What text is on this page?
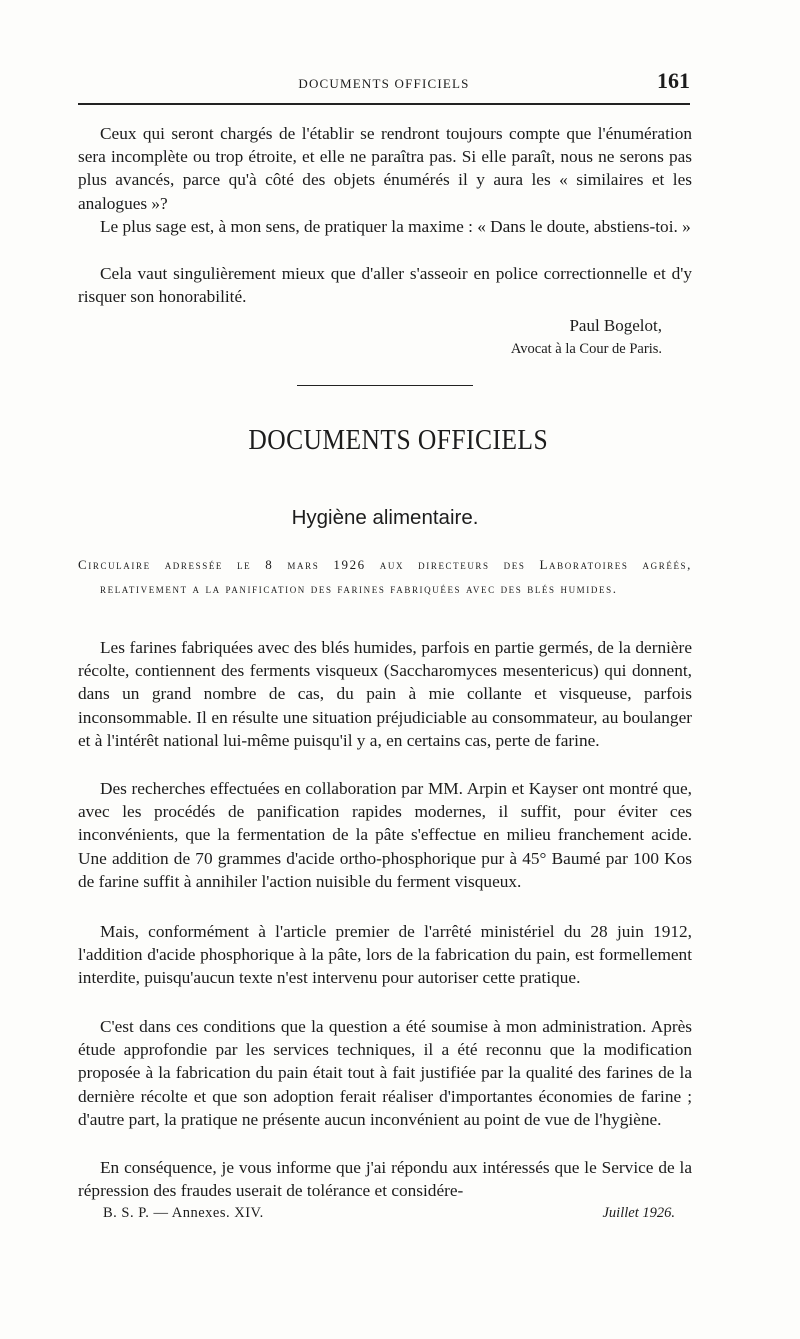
DOCUMENTS OFFICIELS	161

Ceux qui seront chargés de l'établir se rendront toujours compte que l'énumération sera incomplète ou trop étroite, et elle ne paraîtra pas. Si elle paraît, nous ne serons pas plus avancés, parce qu'à côté des objets énumérés il y aura les « similaires et les analogues »?

Le plus sage est, à mon sens, de pratiquer la maxime : « Dans le doute, abstiens-toi. »

Cela vaut singulièrement mieux que d'aller s'asseoir en police correctionnelle et d'y risquer son honorabilité.

Paul Bogelot,
Avocat à la Cour de Paris.
DOCUMENTS OFFICIELS
Hygiène alimentaire.
Circulaire adressée le 8 mars 1926 aux directeurs des Laboratoires agréés, relativement a la panification des farines fabriquées avec des blés humides.

Les farines fabriquées avec des blés humides, parfois en partie germés, de la dernière récolte, contiennent des ferments visqueux (Saccharomyces mesentericus) qui donnent, dans un grand nombre de cas, du pain à mie collante et visqueuse, parfois inconsommable. Il en résulte une situation préjudiciable au consommateur, au boulanger et à l'intérêt national lui-même puisqu'il y a, en certains cas, perte de farine.

Des recherches effectuées en collaboration par MM. Arpin et Kayser ont montré que, avec les procédés de panification rapides modernes, il suffit, pour éviter ces inconvénients, que la fermentation de la pâte s'effectue en milieu franchement acide. Une addition de 70 grammes d'acide ortho-phosphorique pur à 45° Baumé par 100 Kos de farine suffit à annihiler l'action nuisible du ferment visqueux.

Mais, conformément à l'article premier de l'arrêté ministériel du 28 juin 1912, l'addition d'acide phosphorique à la pâte, lors de la fabrication du pain, est formellement interdite, puisqu'aucun texte n'est intervenu pour autoriser cette pratique.

C'est dans ces conditions que la question a été soumise à mon administration. Après étude approfondie par les services techniques, il a été reconnu que la modification proposée à la fabrication du pain était tout à fait justifiée par la qualité des farines de la dernière récolte et que son adoption ferait réaliser d'importantes économies de farine ; d'autre part, la pratique ne présente aucun inconvénient au point de vue de l'hygiène.

En conséquence, je vous informe que j'ai répondu aux intéressés que le Service de la répression des fraudes userait de tolérance et considére-

B. S. P. — Annexes. XIV.	Juillet 1926.
